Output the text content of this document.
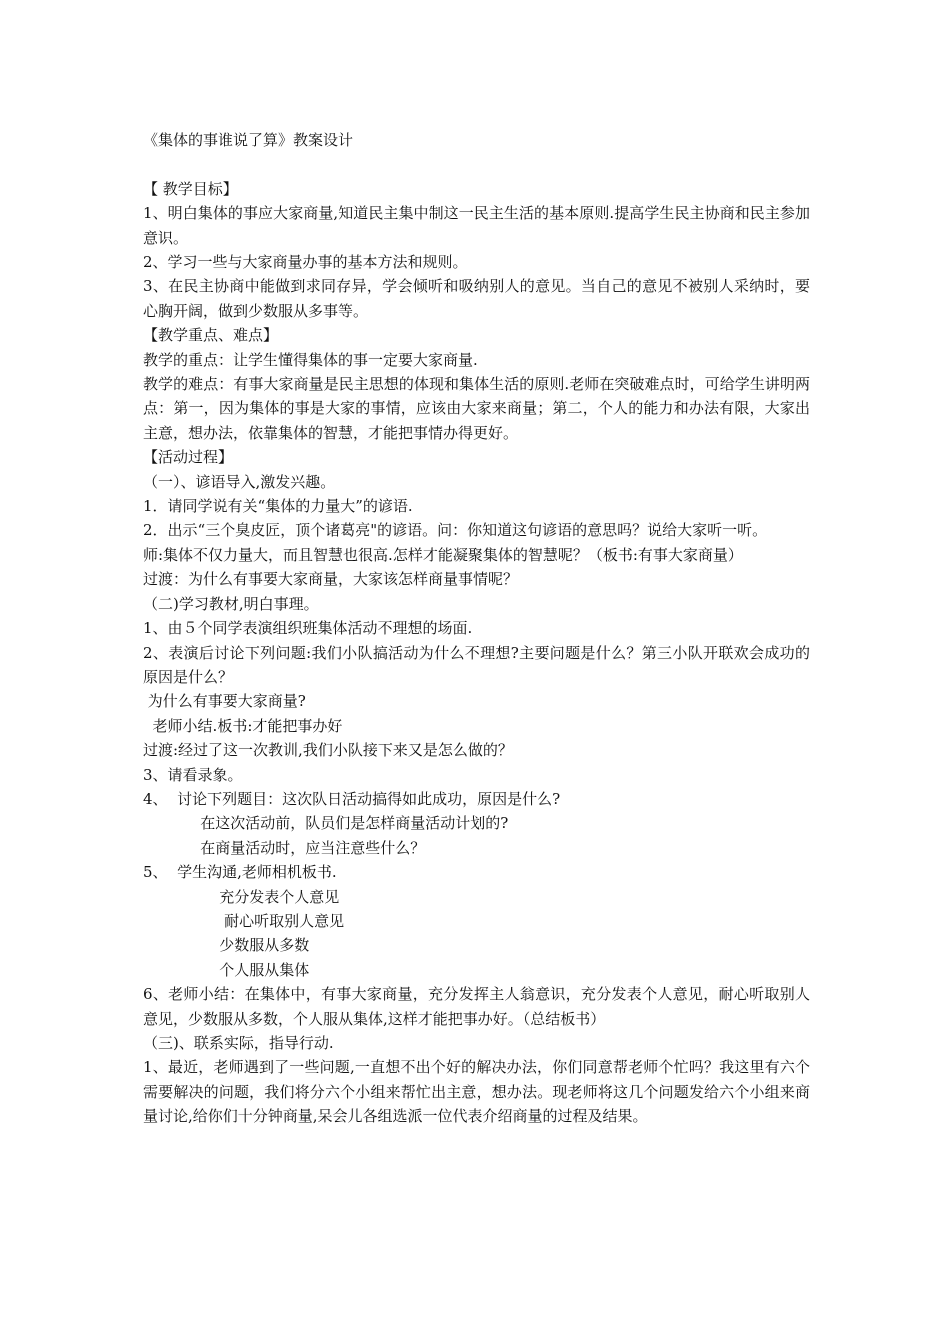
《集体的事谁说了算》教案设计

【 教学目标】

1、明白集体的事应大家商量,知道民主集中制这一民主生活的基本原则.提高学生民主协商和民主参加意识。

2、学习一些与大家商量办事的基本方法和规则。

3、在民主协商中能做到求同存异，学会倾听和吸纳别人的意见。当自己的意见不被别人采纳时，要心胸开阔，做到少数服从多事等。

【教学重点、难点】

教学的重点：让学生懂得集体的事一定要大家商量.

教学的难点：有事大家商量是民主思想的体现和集体生活的原则.老师在突破难点时，可给学生讲明两点：第一，因为集体的事是大家的事情，应该由大家来商量；第二，个人的能力和办法有限，大家出主意，想办法，依靠集体的智慧，才能把事情办得更好。

【活动过程】

（一）、谚语导入,激发兴趣。

1．请同学说有关“集体的力量大”的谚语.

2．出示“三个臭皮匠，顶个诸葛亮"的谚语。问：你知道这句谚语的意思吗？说给大家听一听。

师:集体不仅力量大，而且智慧也很高.怎样才能凝聚集体的智慧呢？（板书:有事大家商量）

过渡：为什么有事要大家商量，大家该怎样商量事情呢？

（二)学习教材,明白事理。

1、由５个同学表演组织班集体活动不理想的场面.

2、表演后讨论下列问题:我们小队搞活动为什么不理想?主要问题是什么？第三小队开联欢会成功的原因是什么？

为什么有事要大家商量?

老师小结.板书:才能把事办好

过渡:经过了这一次教训,我们小队接下来又是怎么做的？

3、请看录象。

4、  讨论下列题目：这次队日活动搞得如此成功，原因是什么?

在这次活动前，队员们是怎样商量活动计划的?

在商量活动时，应当注意些什么？

5、  学生沟通,老师相机板书.

充分发表个人意见

耐心听取别人意见

少数服从多数

个人服从集体

6、老师小结：在集体中，有事大家商量，充分发挥主人翁意识，充分发表个人意见，耐心听取别人意见，少数服从多数，个人服从集体,这样才能把事办好。（总结板书）

（三)、联系实际，指导行动.

1、最近，老师遇到了一些问题,一直想不出个好的解决办法，你们同意帮老师个忙吗？我这里有六个需要解决的问题，我们将分六个小组来帮忙出主意，想办法。现老师将这几个问题发给六个小组来商量讨论,给你们十分钟商量,呆会儿各组选派一位代表介绍商量的过程及结果。
